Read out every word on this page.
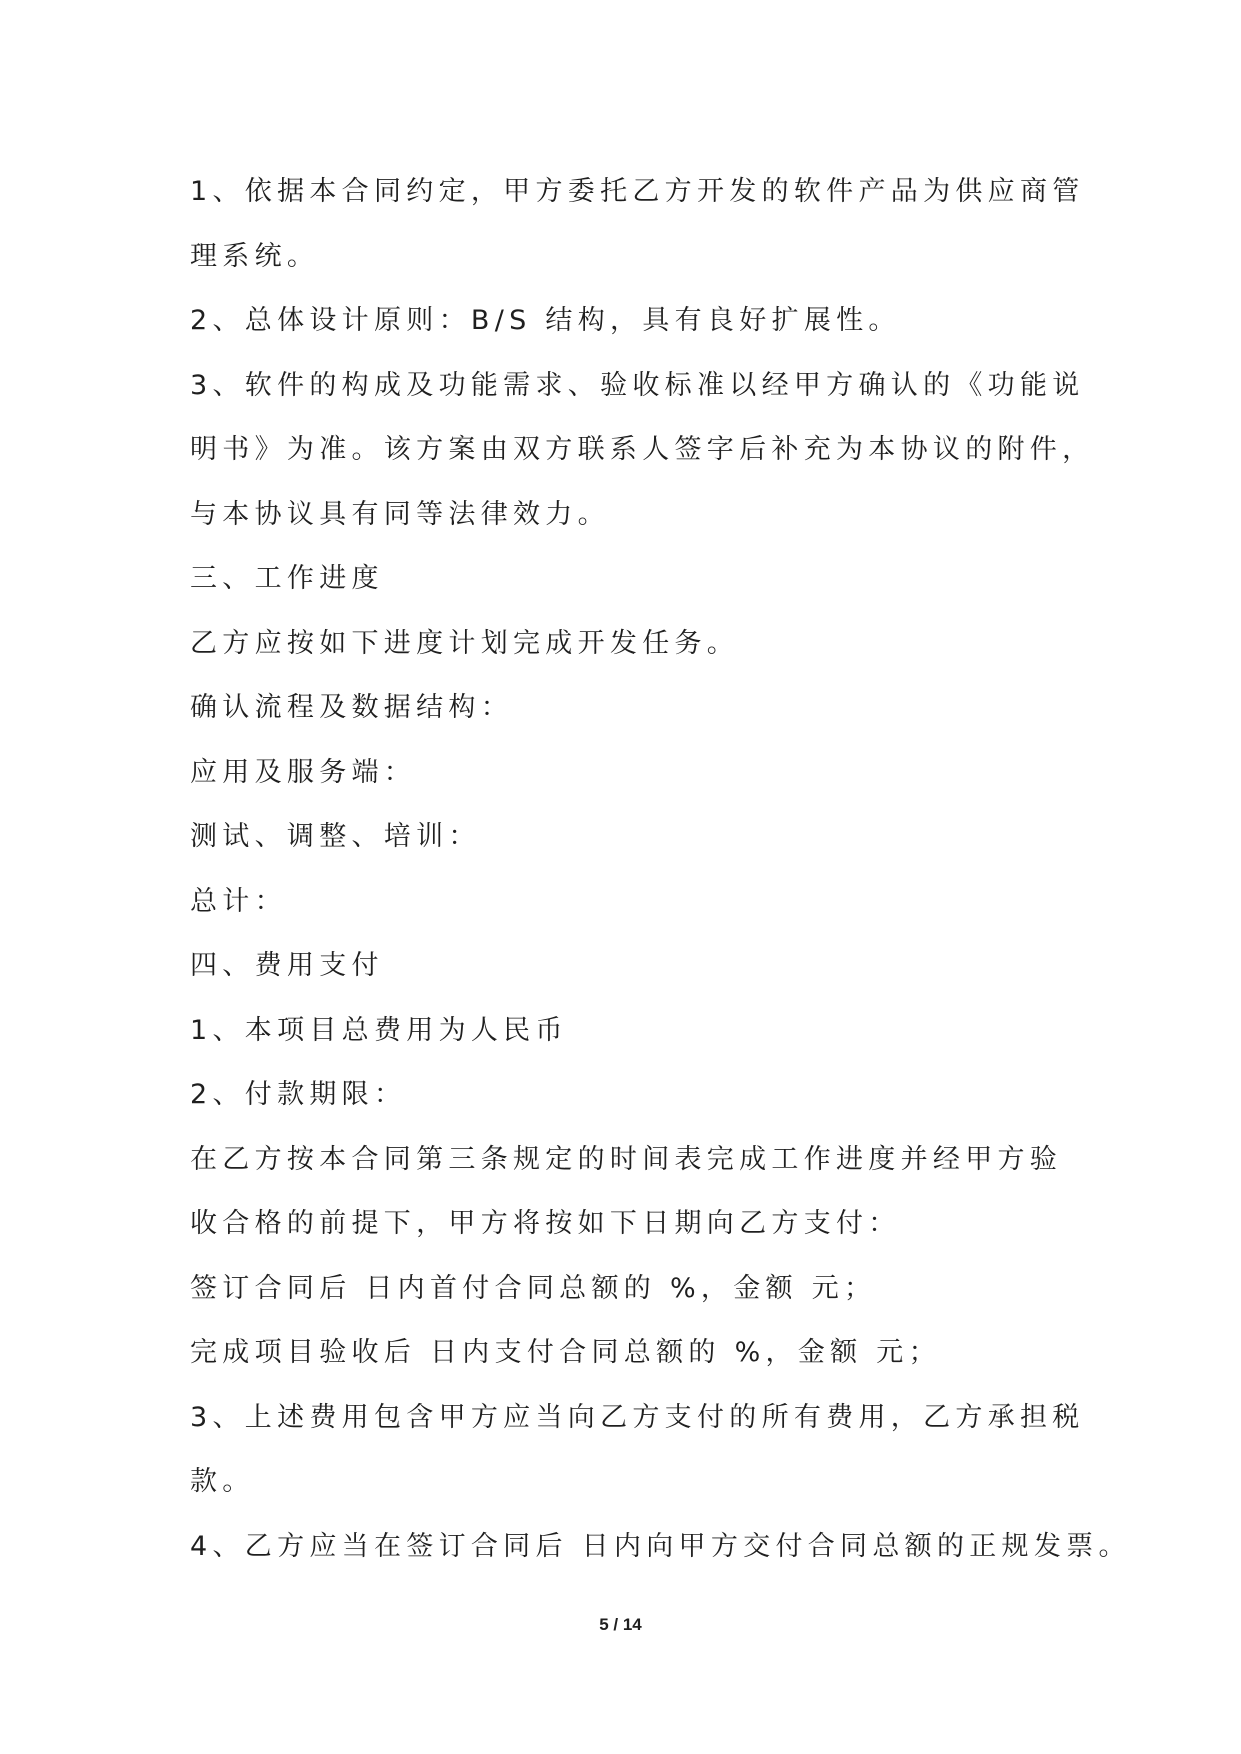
1、依据本合同约定，甲方委托乙方开发的软件产品为供应商管

理系统。

2、总体设计原则：B/S 结构，具有良好扩展性。

3、软件的构成及功能需求、验收标准以经甲方确认的《功能说

明书》为准。该方案由双方联系人签字后补充为本协议的附件，

与本协议具有同等法律效力。

三、工作进度

乙方应按如下进度计划完成开发任务。

确认流程及数据结构：

应用及服务端：

测试、调整、培训：

总计：

四、费用支付

1、本项目总费用为人民币

2、付款期限：

在乙方按本合同第三条规定的时间表完成工作进度并经甲方验

收合格的前提下，甲方将按如下日期向乙方支付：

签订合同后 日内首付合同总额的 %，金额 元；

完成项目验收后 日内支付合同总额的 %，金额 元；

3、上述费用包含甲方应当向乙方支付的所有费用，乙方承担税

款。

4、乙方应当在签订合同后 日内向甲方交付合同总额的正规发票。

5 / 14
